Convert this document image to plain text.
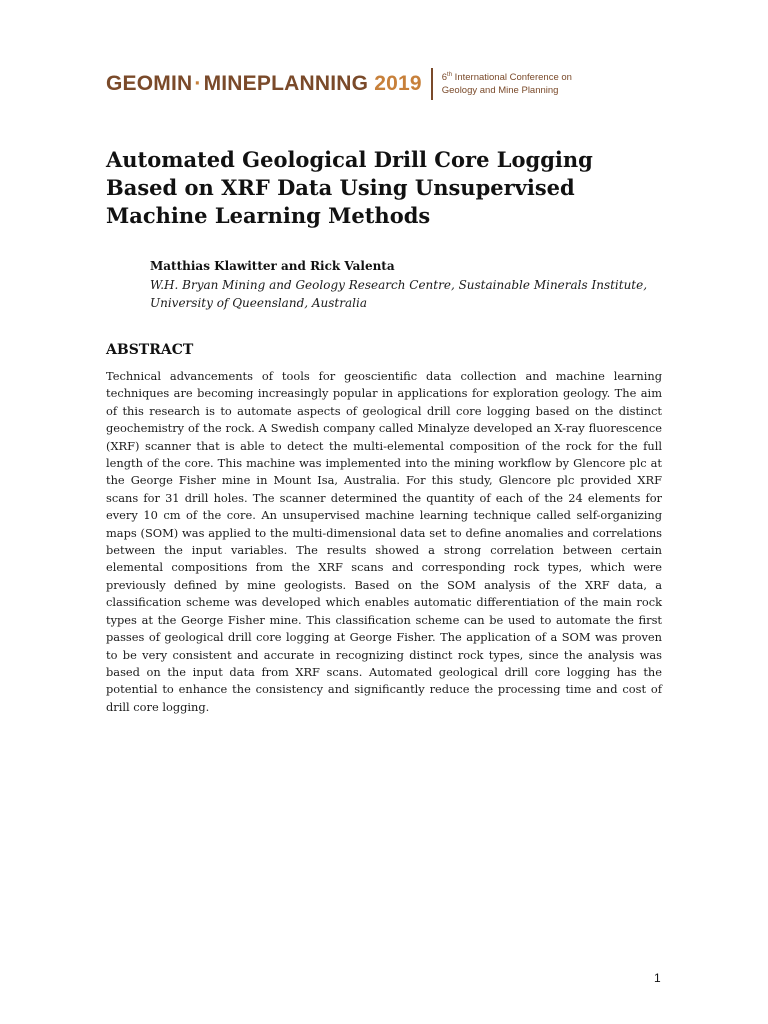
GEOMIN·MINEPLANNING 2019 6th International Conference on
Geology and Mine Planning
Automated Geological Drill Core Logging Based on XRF Data Using Unsupervised Machine Learning Methods
Matthias Klawitter and Rick Valenta
W.H. Bryan Mining and Geology Research Centre, Sustainable Minerals Institute, University of Queensland, Australia
ABSTRACT

Technical advancements of tools for geoscientific data collection and machine learning techniques are becoming increasingly popular in applications for exploration geology. The aim of this research is to automate aspects of geological drill core logging based on the distinct geochemistry of the rock. A Swedish company called Minalyze developed an X-ray fluorescence (XRF) scanner that is able to detect the multi-elemental composition of the rock for the full length of the core. This machine was implemented into the mining workflow by Glencore plc at the George Fisher mine in Mount Isa, Australia. For this study, Glencore plc provided XRF scans for 31 drill holes. The scanner determined the quantity of each of the 24 elements for every 10 cm of the core. An unsupervised machine learning technique called self-organizing maps (SOM) was applied to the multi-dimensional data set to define anomalies and correlations between the input variables. The results showed a strong correlation between certain elemental compositions from the XRF scans and corresponding rock types, which were previously defined by mine geologists. Based on the SOM analysis of the XRF data, a classification scheme was developed which enables automatic differentiation of the main rock types at the George Fisher mine. This classification scheme can be used to automate the first passes of geological drill core logging at George Fisher. The application of a SOM was proven to be very consistent and accurate in recognizing distinct rock types, since the analysis was based on the input data from XRF scans. Automated geological drill core logging has the potential to enhance the consistency and significantly reduce the processing time and cost of drill core logging.

1
